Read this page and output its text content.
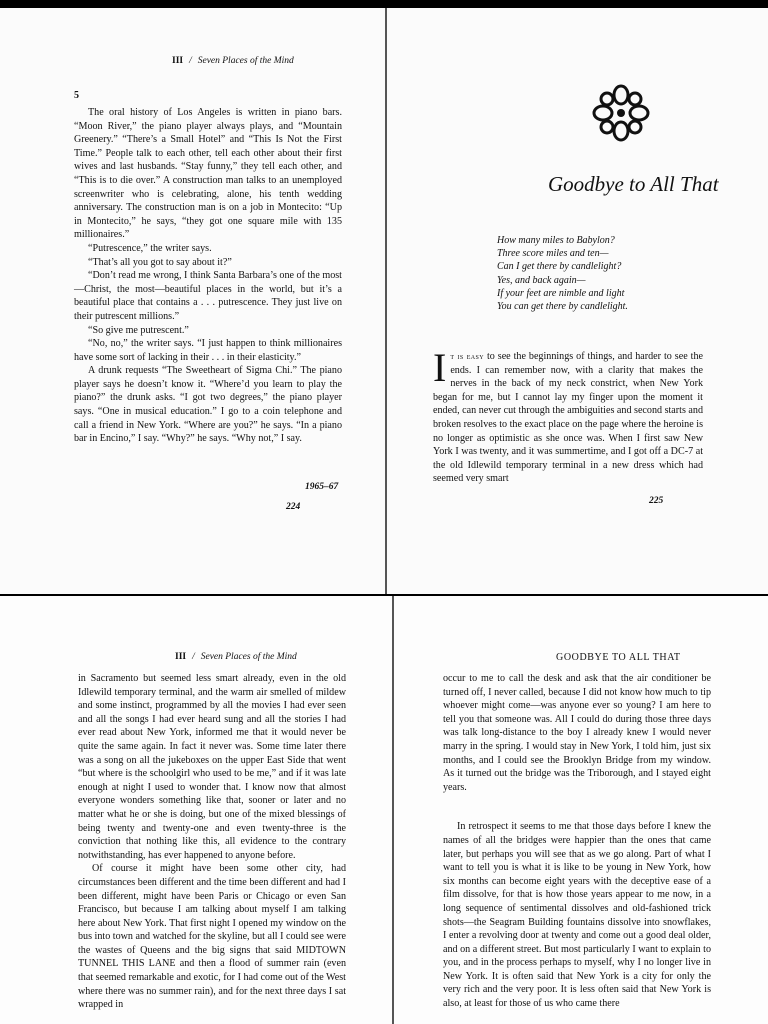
III / Seven Places of the Mind
5

The oral history of Los Angeles is written in piano bars. “Moon River,” the piano player always plays, and “Mountain Greenery.” “There’s a Small Hotel” and “This Is Not the First Time.” People talk to each other, tell each other about their first wives and last husbands. “Stay funny,” they tell each other, and “This is to die over.” A construction man talks to an unemployed screenwriter who is celebrating, alone, his tenth wedding anniversary. The construction man is on a job in Montecito: “Up in Montecito,” he says, “they got one square mile with 135 millionaires.”

“Putrescence,” the writer says.

“That’s all you got to say about it?”

“Don’t read me wrong, I think Santa Barbara’s one of the most—Christ, the most—beautiful places in the world, but it’s a beautiful place that contains a . . . putrescence. They just live on their putrescent millions.”

“So give me putrescent.”

“No, no,” the writer says. “I just happen to think millionaires have some sort of lacking in their . . . in their elasticity.”

A drunk requests “The Sweetheart of Sigma Chi.” The piano player says he doesn’t know it. “Where’d you learn to play the piano?” the drunk asks. “I got two degrees,” the piano player says. “One in musical education.” I go to a coin telephone and call a friend in New York. “Where are you?” he says. “In a piano bar in Encino,” I say. “Why?” he says. “Why not,” I say.

1965–67
224
Goodbye to All That
How many miles to Babylon?
Three score miles and ten—
Can I get there by candlelight?
Yes, and back again—
If your feet are nimble and light
You can get there by candlelight.

It is easy to see the beginnings of things, and harder to see the ends. I can remember now, with a clarity that makes the nerves in the back of my neck constrict, when New York began for me, but I cannot lay my finger upon the moment it ended, can never cut through the ambiguities and second starts and broken resolves to the exact place on the page where the heroine is no longer as optimistic as she once was. When I first saw New York I was twenty, and it was summertime, and I got off a DC-7 at the old Idlewild temporary terminal in a new dress which had seemed very smart

225
III / Seven Places of the Mind

in Sacramento but seemed less smart already, even in the old Idlewild temporary terminal, and the warm air smelled of mildew and some instinct, programmed by all the movies I had ever seen and all the songs I had ever heard sung and all the stories I had ever read about New York, informed me that it would never be quite the same again. In fact it never was. Some time later there was a song on all the jukeboxes on the upper East Side that went “but where is the schoolgirl who used to be me,” and if it was late enough at night I used to wonder that. I know now that almost everyone wonders something like that, sooner or later and no matter what he or she is doing, but one of the mixed blessings of being twenty and twenty-one and even twenty-three is the conviction that nothing like this, all evidence to the contrary notwithstanding, has ever happened to anyone before.

Of course it might have been some other city, had circumstances been different and the time been different and had I been different, might have been Paris or Chicago or even San Francisco, but because I am talking about myself I am talking here about New York. That first night I opened my window on the bus into town and watched for the skyline, but all I could see were the wastes of Queens and the big signs that said MIDTOWN TUNNEL THIS LANE and then a flood of summer rain (even that seemed remarkable and exotic, for I had come out of the West where there was no summer rain), and for the next three days I sat wrapped in

GOODBYE TO ALL THAT

occur to me to call the desk and ask that the air conditioner be turned off, I never called, because I did not know how much to tip whoever might come—was anyone ever so young? I am here to tell you that someone was. All I could do during those three days was talk long-distance to the boy I already knew I would never marry in the spring. I would stay in New York, I told him, just six months, and I could see the Brooklyn Bridge from my window. As it turned out the bridge was the Triborough, and I stayed eight years.

In retrospect it seems to me that those days before I knew the names of all the bridges were happier than the ones that came later, but perhaps you will see that as we go along. Part of what I want to tell you is what it is like to be young in New York, how six months can become eight years with the deceptive ease of a film dissolve, for that is how those years appear to me now, in a long sequence of sentimental dissolves and old-fashioned trick shots—the Seagram Building fountains dissolve into snowflakes, I enter a revolving door at twenty and come out a good deal older, and on a different street. But most particularly I want to explain to you, and in the process perhaps to myself, why I no longer live in New York. It is often said that New York is a city for only the very rich and the very poor. It is less often said that New York is also, at least for those of us who came there
